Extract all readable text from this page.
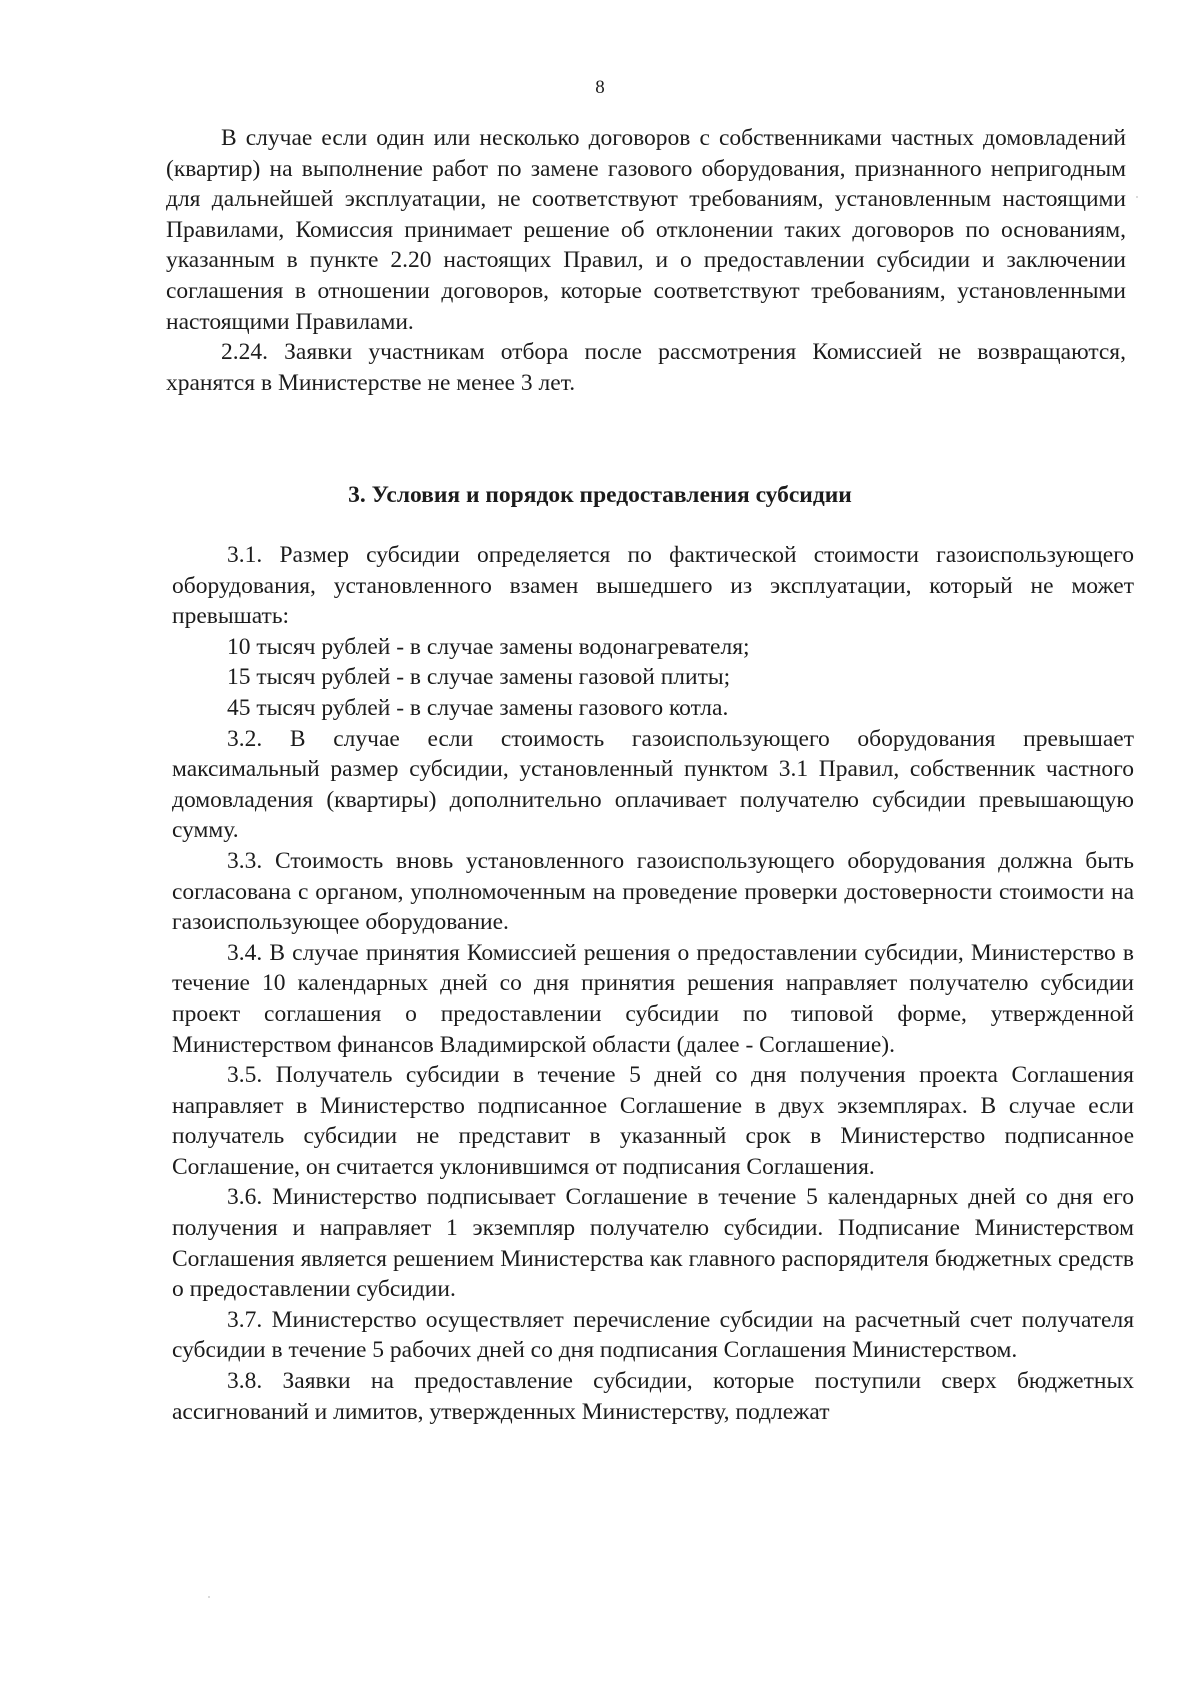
8

В случае если один или несколько договоров с собственниками частных домовладений (квартир) на выполнение работ по замене газового оборудования, признанного непригодным для дальнейшей эксплуатации, не соответствуют требованиям, установленным настоящими Правилами, Комиссия принимает решение об отклонении таких договоров по основаниям, указанным в пункте 2.20 настоящих Правил, и о предоставлении субсидии и заключении соглашения в отношении договоров, которые соответствуют требованиям, установленными настоящими Правилами.

2.24. Заявки участникам отбора после рассмотрения Комиссией не возвращаются, хранятся в Министерстве не менее 3 лет.

3. Условия и порядок предоставления субсидии

3.1. Размер субсидии определяется по фактической стоимости газоиспользующего оборудования, установленного взамен вышедшего из эксплуатации, который не может превышать:

10 тысяч рублей - в случае замены водонагревателя;

15 тысяч рублей - в случае замены газовой плиты;

45 тысяч рублей - в случае замены газового котла.

3.2. В случае если стоимость газоиспользующего оборудования превышает максимальный размер субсидии, установленный пунктом 3.1 Правил, собственник частного домовладения (квартиры) дополнительно оплачивает получателю субсидии превышающую сумму.

3.3. Стоимость вновь установленного газоиспользующего оборудования должна быть согласована с органом, уполномоченным на проведение проверки достоверности стоимости на газоиспользующее оборудование.

3.4. В случае принятия Комиссией решения о предоставлении субсидии, Министерство в течение 10 календарных дней со дня принятия решения направляет получателю субсидии проект соглашения о предоставлении субсидии по типовой форме, утвержденной Министерством финансов Владимирской области (далее - Соглашение).

3.5. Получатель субсидии в течение 5 дней со дня получения проекта Соглашения направляет в Министерство подписанное Соглашение в двух экземплярах. В случае если получатель субсидии не представит в указанный срок в Министерство подписанное Соглашение, он считается уклонившимся от подписания Соглашения.

3.6. Министерство подписывает Соглашение в течение 5 календарных дней со дня его получения и направляет 1 экземпляр получателю субсидии. Подписание Министерством Соглашения является решением Министерства как главного распорядителя бюджетных средств о предоставлении субсидии.

3.7. Министерство осуществляет перечисление субсидии на расчетный счет получателя субсидии в течение 5 рабочих дней со дня подписания Соглашения Министерством.

3.8. Заявки на предоставление субсидии, которые поступили сверх бюджетных ассигнований и лимитов, утвержденных Министерству, подлежат
